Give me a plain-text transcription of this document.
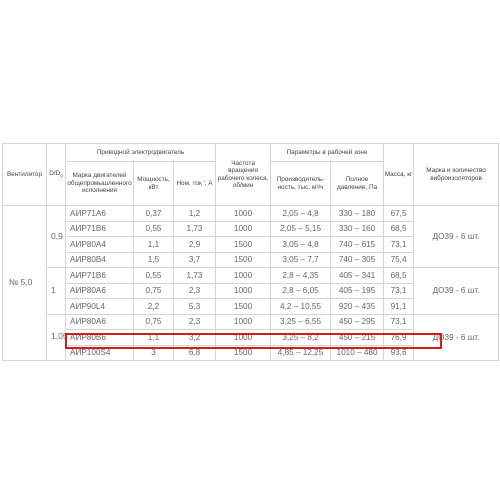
Вентилятор	$D/D_0$	Приводной электродвигатель			Частота вращения рабочего колеса, об/мин	Параметры в рабочей зоне		Масса, кг	Марка и количество виброизоляторов
		Марка двигателей общепромышленного исполнения	Мощность, кВт	Ном. ток ', А		Производитель-ность, тыс. м³/ч	Полное давление, Па		
№ 5,0	0,9	АИР71А6	0,37	1,2	1000	2,05 – 4,8	330 – 180	67,5	ДО39 - 6 шт.
		АИР71В6	0,55	1,73	1000	2,05 – 5,15	330 – 160	68,5	
		АИР80А4	1,1	2,9	1500	3,05 – 4,8	740 – 615	73,1	
		АИР80В4	1,5	3,7	1500	3,05 – 7,7	740 – 305	75,4	
	1	АИР71В6	0,55	1,73	1000	2,8 – 4,35	405 – 341	68,5	ДО39 - 6 шт.
		АИР80А6	0,75	2,3	1000	2,8 – 6,05	405 – 195	73,1	
		АИР90L4	2,2	5,3	1500	4,2 – 10,55	920 – 435	91,1	
	1,05	АИР80А6	0,75	2,3	1000	3,25 – 6,55	450 – 295	73,1	ДО39 - 6 шт.
		АИР80В6	1,1	3,2	1000	3,25 – 8,2	450 – 215	76,9	
		АИР100S4	3	6,8	1500	4,85 – 12,25	1010 – 480	93,6	
